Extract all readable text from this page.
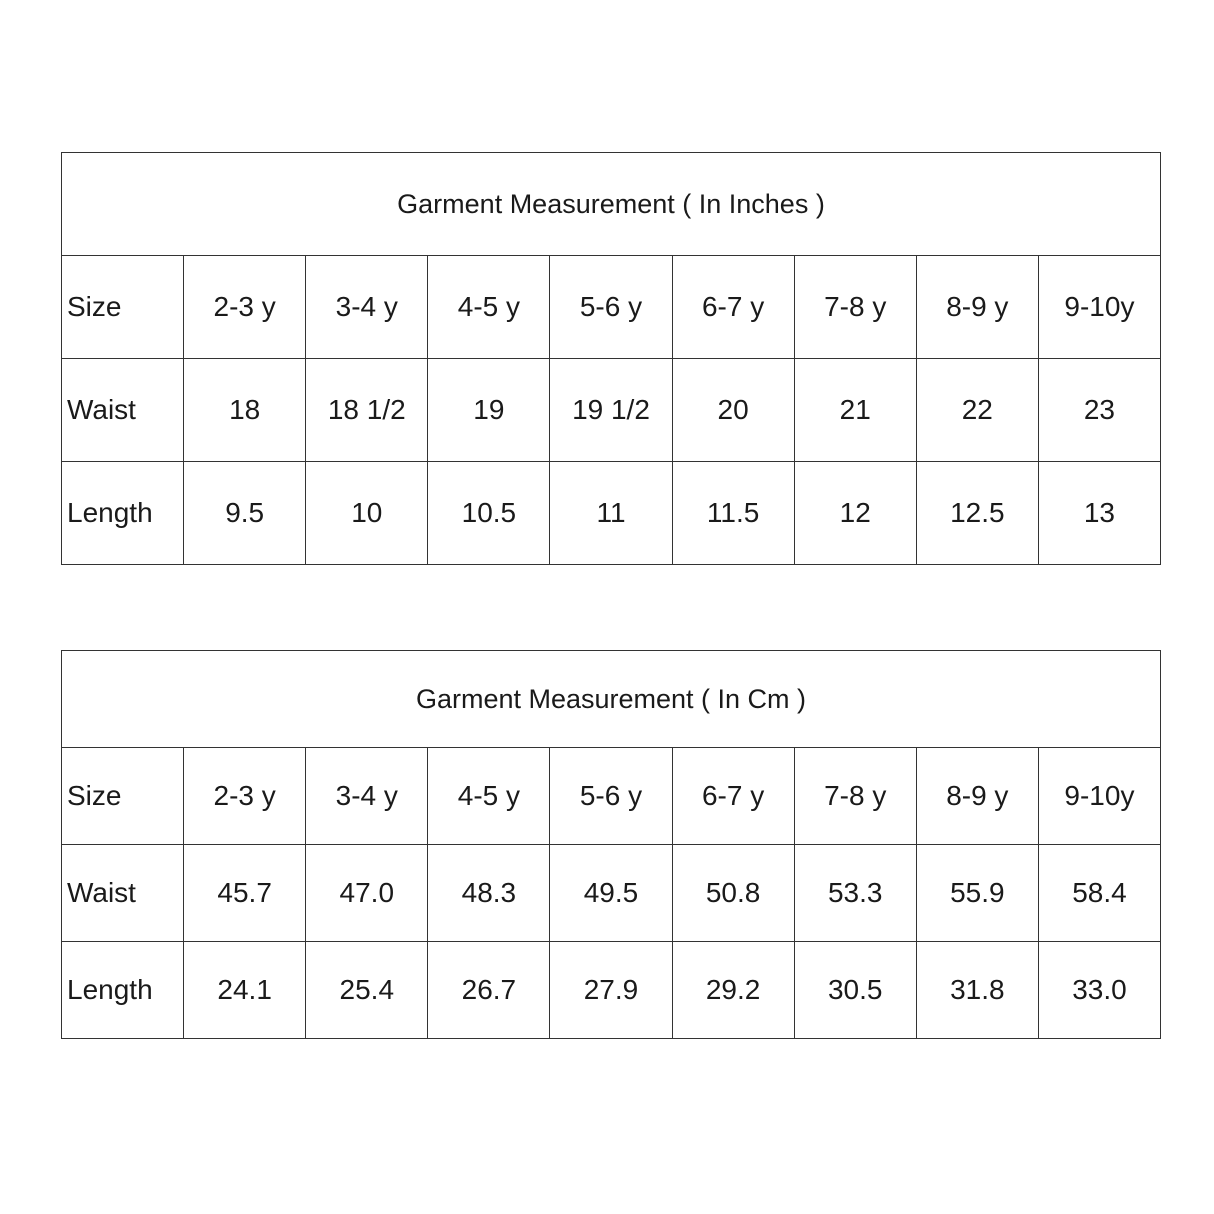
Garment Measurement ( In Inches )								
Size	2-3 y	3-4 y	4-5 y	5-6 y	6-7 y	7-8 y	8-9 y	9-10y
Waist	18	18 1/2	19	19 1/2	20	21	22	23
Length	9.5	10	10.5	11	11.5	12	12.5	13
Garment Measurement ( In Cm )								
Size	2-3 y	3-4 y	4-5 y	5-6 y	6-7 y	7-8 y	8-9 y	9-10y
Waist	45.7	47.0	48.3	49.5	50.8	53.3	55.9	58.4
Length	24.1	25.4	26.7	27.9	29.2	30.5	31.8	33.0
